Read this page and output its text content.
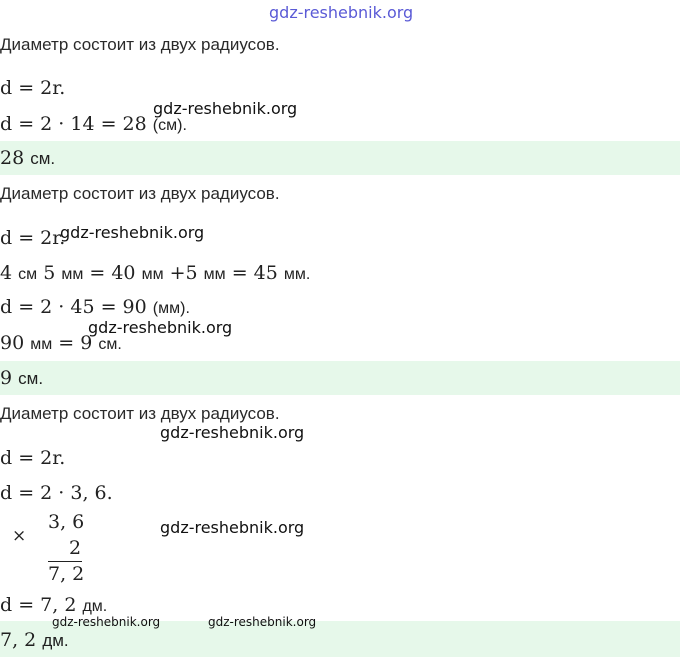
gdz-reshebnik.org
Диаметр состоит из двух радиусов.
d = 2r.
gdz-reshebnik.org
d = 2 · 14 = 28 (см).
28 см.
Диаметр состоит из двух радиусов.
d = 2r.
gdz-reshebnik.org
4 см 5 мм = 40 мм +5 мм = 45 мм.
d = 2 · 45 = 90 (мм).
gdz-reshebnik.org
90 мм = 9 см.
9 см.
Диаметр состоит из двух радиусов.
gdz-reshebnik.org
d = 2r.
d = 2 · 3, 6.
×
3, 6
2
7, 2
gdz-reshebnik.org
d = 7, 2 дм.
7, 2 дм.
gdz-reshebnik.org	gdz-reshebnik.org
